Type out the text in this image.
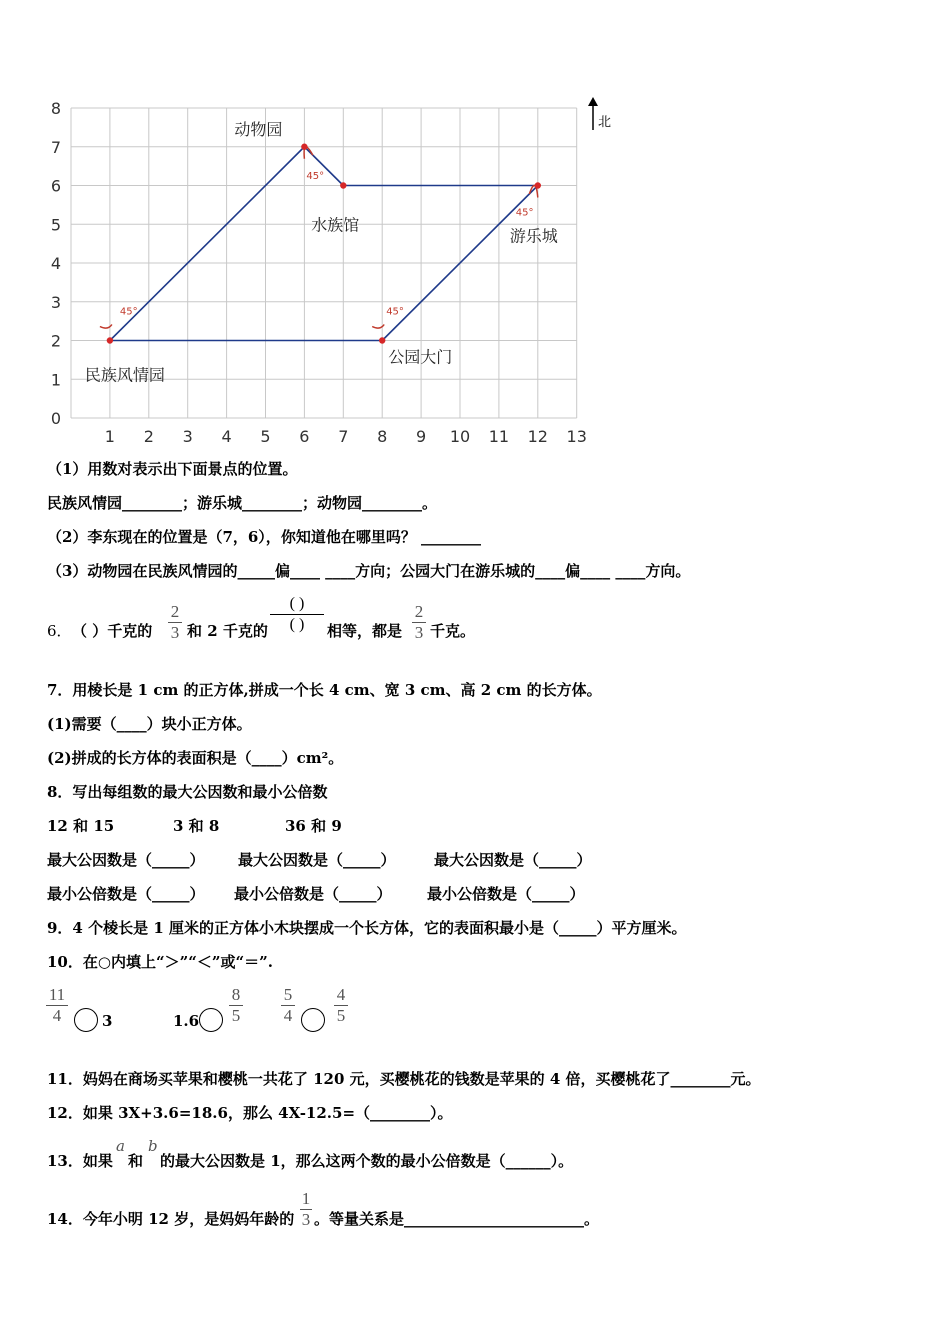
0
1
2
3
4
5
6
7
8
1 2 3 4 5 6 7 8 9 10 11 12 13
45°
45°
45°
45°
动物园
水族馆
游乐城
公园大门
民族风情园
北
（1）用数对表示出下面景点的位置。
民族风情园________；游乐城________；动物园________。
（2）李东现在的位置是（7，6），你知道他在哪里吗？ ________
（3）动物园在民族风情园的_____偏____ ____方向；公园大门在游乐城的____偏____ ____方向。
6． （ ）千克的
2
3 和 2 千克的
( )
( )	相等，都是
2
3 千克。
7．用棱长是 1 cm 的正方体,拼成一个长 4 cm、宽 3 cm、高 2 cm 的长方体。
(1)需要（____）块小正方体。
(2)拼成的长方体的表面积是（____）cm²。
8．写出每组数的最大公因数和最小公倍数
12 和 15	3 和 8	36 和 9
最大公因数是（_____） 最大公因数是（_____）	最大公因数是（_____）
最小公倍数是（_____） 最小公倍数是（_____） 最小公倍数是（_____）
9．4 个棱长是 1 厘米的正方体小木块摆成一个长方体，它的表面积最小是（_____）平方厘米。
10．在○内填上“＞”“＜”或“＝”.
11
4	3	1.6
8
5
5
4
4
5
11．妈妈在商场买苹果和樱桃一共花了 120 元，买樱桃花的钱数是苹果的 4 倍，买樱桃花了________元。
12．如果 3X+3.6=18.6，那么 4X-12.5=（________）。
13．如果
a
和
b
的最大公因数是 1，那么这两个数的最小公倍数是（______）。
14．今年小明 12 岁，是妈妈年龄的
1
3 。等量关系是________________________。
